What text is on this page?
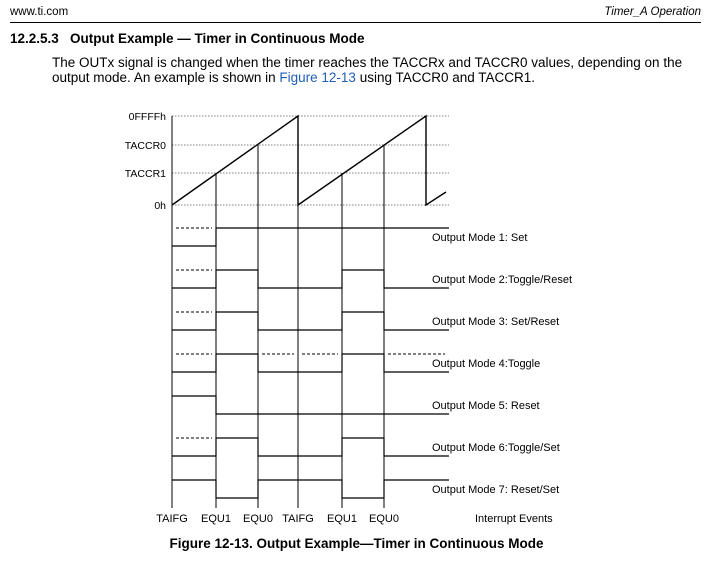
www.ti.com	Timer_A Operation
12.2.5.3 Output Example — Timer in Continuous Mode
The OUTx signal is changed when the timer reaches the TACCRx and TACCR0 values, depending on the
output mode. An example is shown in Figure 12-13 using TACCR0 and TACCR1.
0FFFFh
TACCR0
TACCR1
0h
Output Mode 1: Set
Output Mode 2:Toggle/Reset
Output Mode 3: Set/Reset
Output Mode 4:Toggle
Output Mode 5: Reset
Output Mode 6:Toggle/Set
Output Mode 7: Reset/Set
TAIFG EQU1 EQU0 TAIFG EQU1 EQU0	Interrupt Events
Figure 12-13. Output Example—Timer in Continuous Mode
